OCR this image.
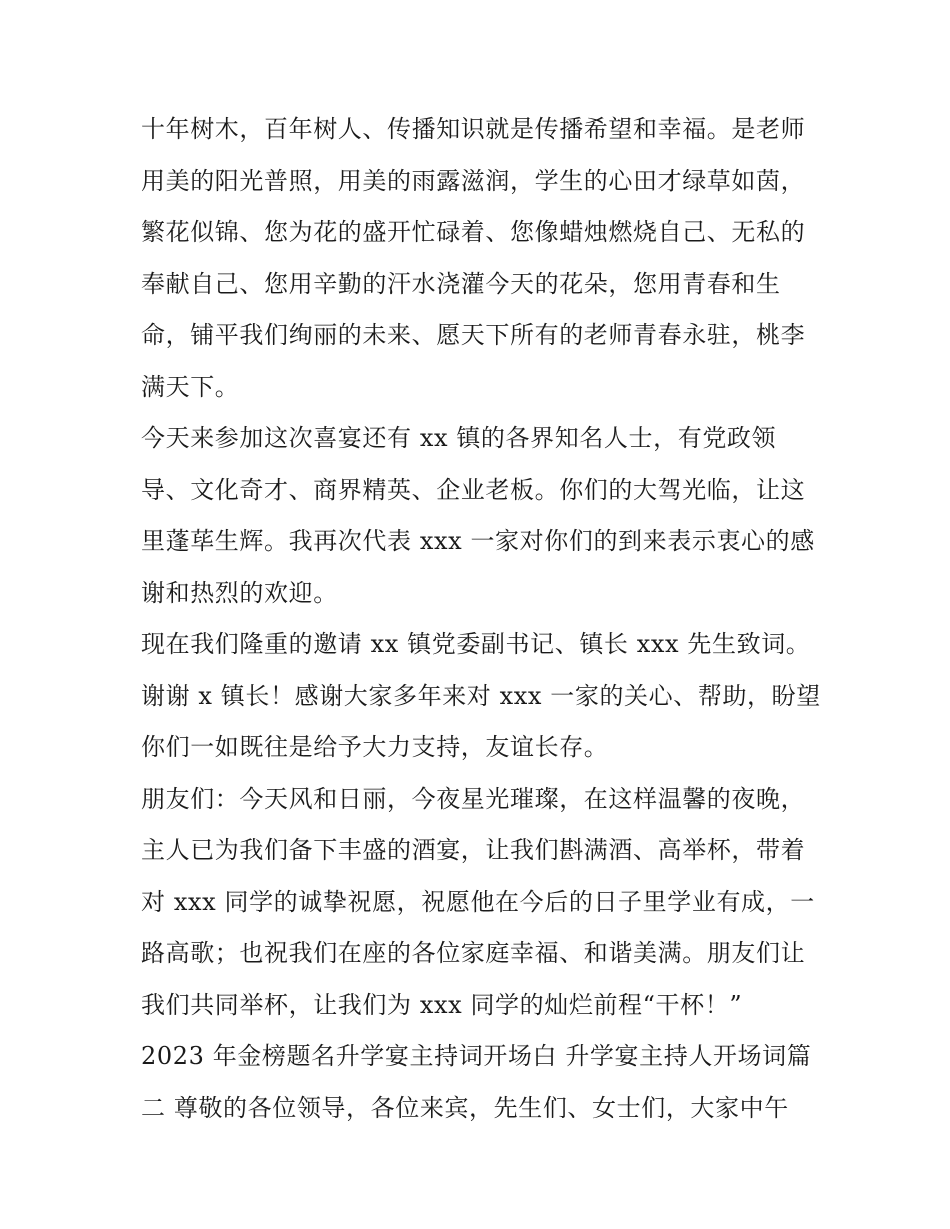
十年树木，百年树人、传播知识就是传播希望和幸福。是老师
用美的阳光普照，用美的雨露滋润，学生的心田才绿草如茵，
繁花似锦、您为花的盛开忙碌着、您像蜡烛燃烧自己、无私的
奉献自己、您用辛勤的汗水浇灌今天的花朵，您用青春和生
命，铺平我们绚丽的未来、愿天下所有的老师青春永驻，桃李
满天下。
今天来参加这次喜宴还有 xx 镇的各界知名人士，有党政领
导、文化奇才、商界精英、企业老板。你们的大驾光临，让这
里蓬荜生辉。我再次代表 xxx 一家对你们的到来表示衷心的感
谢和热烈的欢迎。
现在我们隆重的邀请 xx 镇党委副书记、镇长 xxx 先生致词。
谢谢 x 镇长！感谢大家多年来对 xxx 一家的关心、帮助，盼望
你们一如既往是给予大力支持，友谊长存。
朋友们：今天风和日丽，今夜星光璀璨，在这样温馨的夜晚，
主人已为我们备下丰盛的酒宴，让我们斟满酒、高举杯，带着
对 xxx 同学的诚挚祝愿，祝愿他在今后的日子里学业有成，一
路高歌；也祝我们在座的各位家庭幸福、和谐美满。朋友们让
我们共同举杯，让我们为 xxx 同学的灿烂前程“干杯！”
2023 年金榜题名升学宴主持词开场白 升学宴主持人开场词篇
二 尊敬的各位领导，各位来宾，先生们、女士们，大家中午
